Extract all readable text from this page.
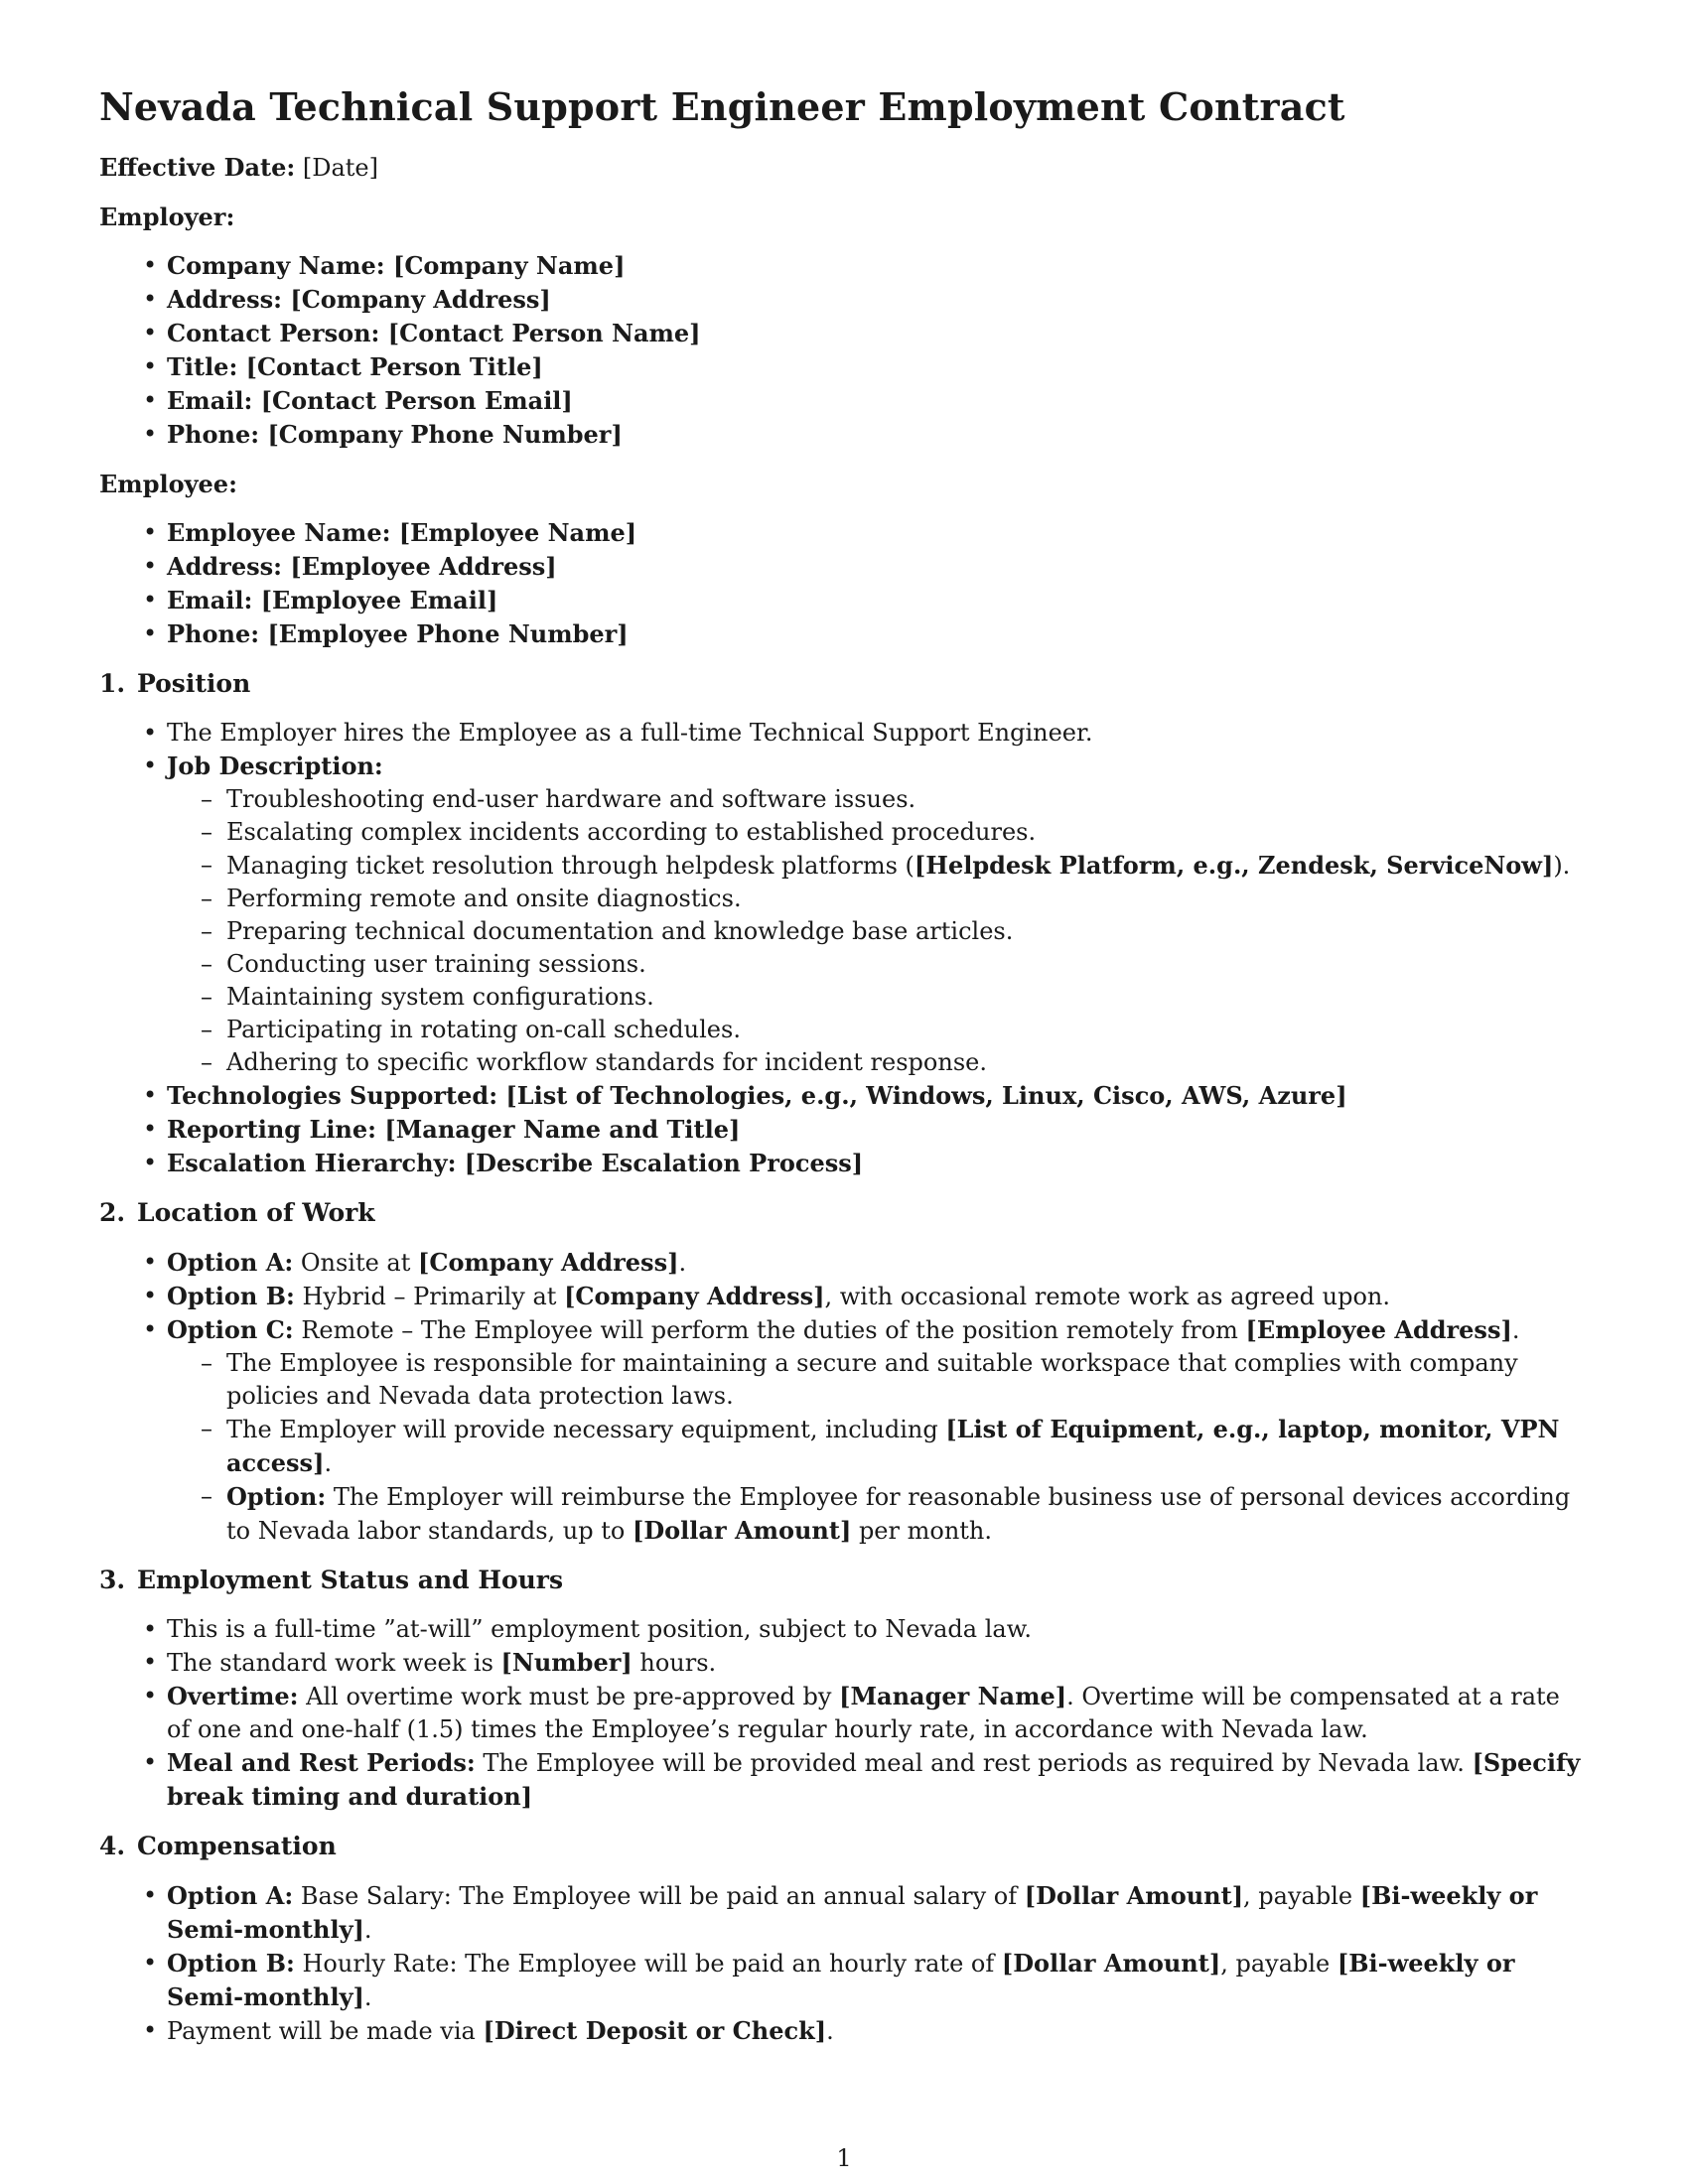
Nevada Technical Support Engineer Employment Contract
Effective Date: [Date]
Employer:
• Company Name: [Company Name]
• Address: [Company Address]
• Contact Person: [Contact Person Name]
• Title: [Contact Person Title]
• Email: [Contact Person Email]
• Phone: [Company Phone Number]
Employee:
• Employee Name: [Employee Name]
• Address: [Employee Address]
• Email: [Employee Email]
• Phone: [Employee Phone Number]
1. Position
• The Employer hires the Employee as a full-time Technical Support Engineer.
• Job Description:
– Troubleshooting end-user hardware and software issues.
– Escalating complex incidents according to established procedures.
– Managing ticket resolution through helpdesk platforms ([Helpdesk Platform, e.g., Zendesk, ServiceNow]).
– Performing remote and onsite diagnostics.
– Preparing technical documentation and knowledge base articles.
– Conducting user training sessions.
– Maintaining system configurations.
– Participating in rotating on-call schedules.
– Adhering to specific workflow standards for incident response.
• Technologies Supported: [List of Technologies, e.g., Windows, Linux, Cisco, AWS, Azure]
• Reporting Line: [Manager Name and Title]
• Escalation Hierarchy: [Describe Escalation Process]
2. Location of Work
• Option A: Onsite at [Company Address].
• Option B: Hybrid – Primarily at [Company Address], with occasional remote work as agreed upon.
• Option C: Remote – The Employee will perform the duties of the position remotely from [Employee Address].
– The Employee is responsible for maintaining a secure and suitable workspace that complies with company policies and Nevada data protection laws.
– The Employer will provide necessary equipment, including [List of Equipment, e.g., laptop, monitor, VPN access].
– Option: The Employer will reimburse the Employee for reasonable business use of personal devices according to Nevada labor standards, up to [Dollar Amount] per month.
3. Employment Status and Hours
• This is a full-time ”at-will” employment position, subject to Nevada law.
• The standard work week is [Number] hours.
• Overtime: All overtime work must be pre-approved by [Manager Name]. Overtime will be compensated at a rate of one and one-half (1.5) times the Employee’s regular hourly rate, in accordance with Nevada law.
• Meal and Rest Periods: The Employee will be provided meal and rest periods as required by Nevada law. [Specify break timing and duration]
4. Compensation
• Option A: Base Salary: The Employee will be paid an annual salary of [Dollar Amount], payable [Bi-weekly or Semi-monthly].
• Option B: Hourly Rate: The Employee will be paid an hourly rate of [Dollar Amount], payable [Bi-weekly or Semi-monthly].
• Payment will be made via [Direct Deposit or Check].
1
